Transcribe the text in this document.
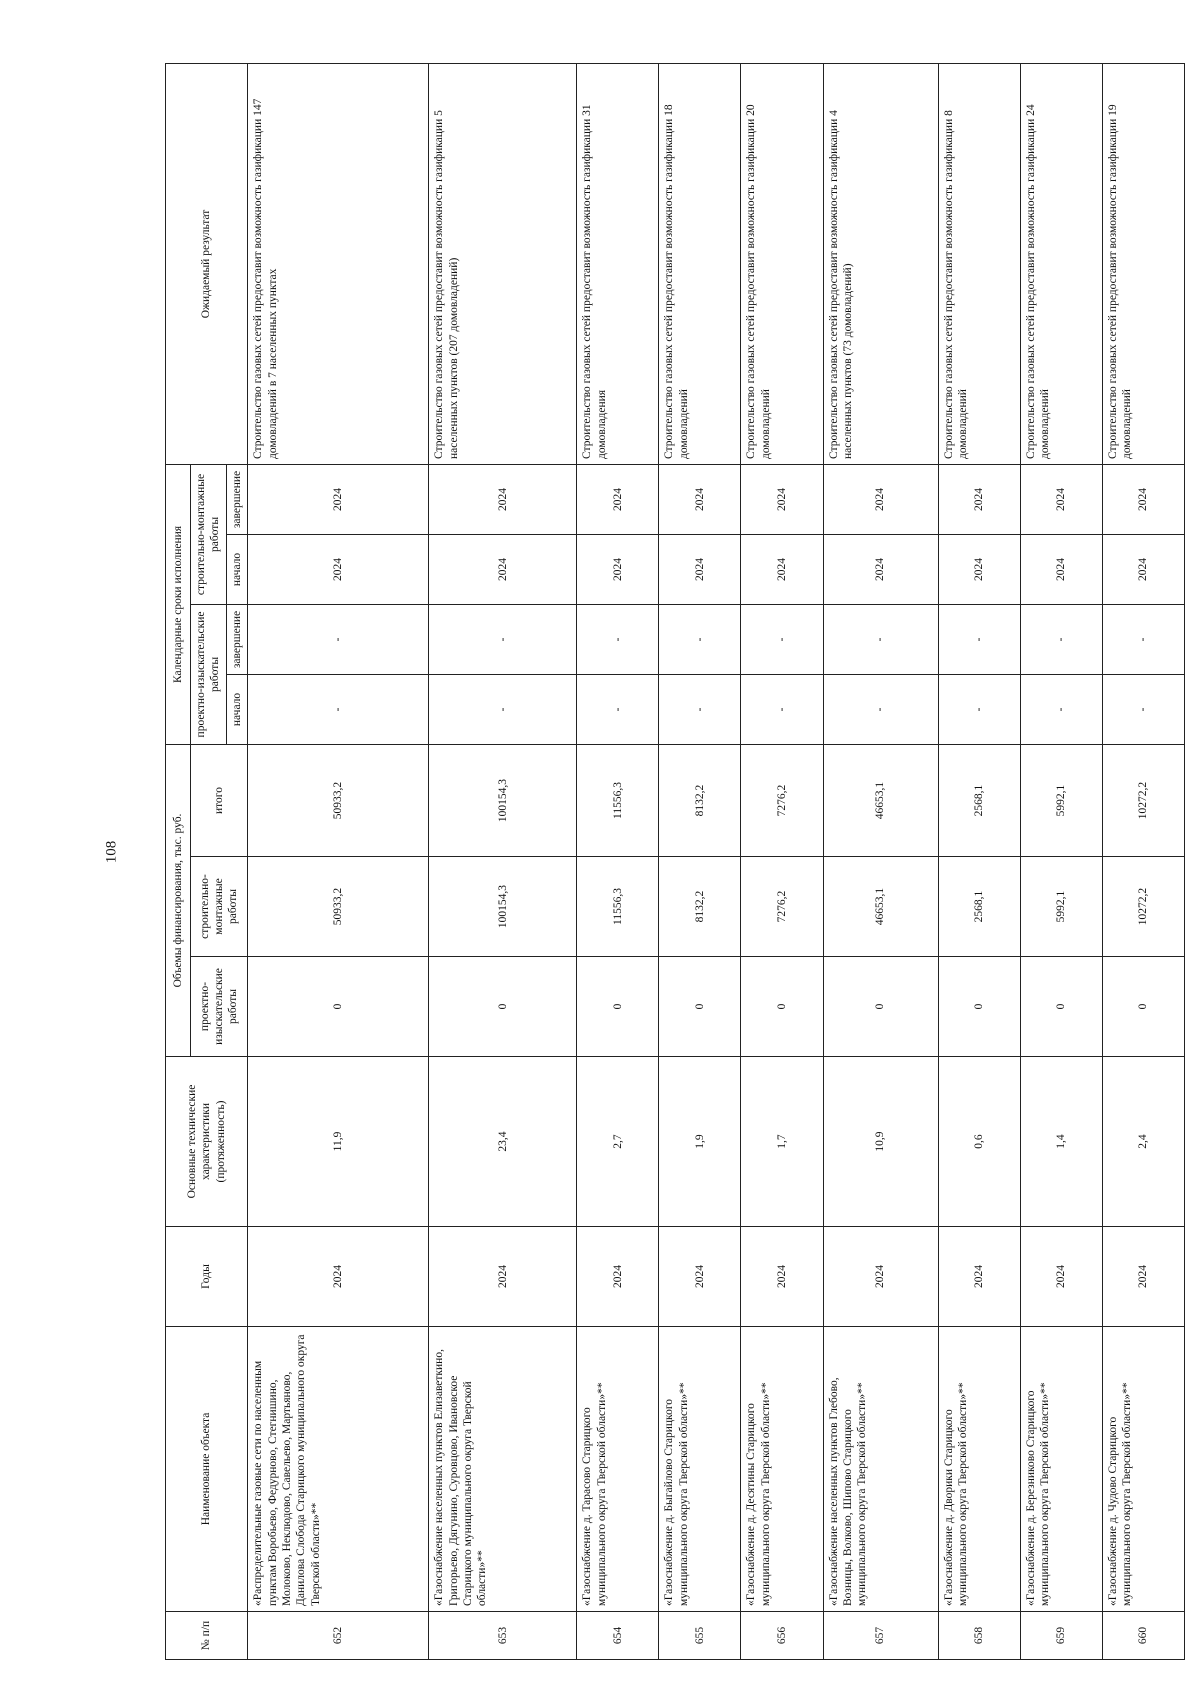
108
№ п/п	Наименование объекта	Годы	Основные технические характеристики (протяженность)	Объемы финансирования, тыс. руб.			Календарные сроки исполнения				Ожидаемый результат
				проектно-изыскательские работы	строительно-монтажные работы	итого	проектно-изыскательские работы		строительно-монтажные работы		
							начало	завершение	начало	завершение	
652	«Распределительные газовые сети по населенным пунктам Воробьево, Федурново, Стегнишино, Молоково, Неклюдово, Савельево, Мартьяново, Даниловa Слобода Старицкого муниципального округа Тверской области»**	2024	11,9	0	50933,2	50933,2	-	-	2024	2024	Строительство газовых сетей предоставит возможность газификации 147 домовладений в 7 населенных пунктах
653	«Газоснабжение населенных пунктов Елизаветкино, Григорьево, Дягунино, Суровцово, Ивановское Старицкого муниципального округа Тверской области»**	2024	23,4	0	100154,3	100154,3	-	-	2024	2024	Строительство газовых сетей предоставит возможность газификации 5 населенных пунктов (207 домовладений)
654	«Газоснабжение д. Тарасово Старицкого муниципального округа Тверской области»**	2024	2,7	0	11556,3	11556,3	-	-	2024	2024	Строительство газовых сетей предоставит возможность газификации 31 домовладения
655	«Газоснабжение д. Быгайлово Старицкого муниципального округа Тверской области»**	2024	1,9	0	8132,2	8132,2	-	-	2024	2024	Строительство газовых сетей предоставит возможность газификации 18 домовладений
656	«Газоснабжение д. Десятины Старицкого муниципального округа Тверской области»**	2024	1,7	0	7276,2	7276,2	-	-	2024	2024	Строительство газовых сетей предоставит возможность газификации 20 домовладений
657	«Газоснабжение населенных пунктов Глебово, Возницы, Волково, Шипово Старицкого муниципального округа Тверской области»**	2024	10,9	0	46653,1	46653,1	-	-	2024	2024	Строительство газовых сетей предоставит возможность газификации 4 населенных пунктов (73 домовладений)
658	«Газоснабжение д. Дворики Старицкого муниципального округа Тверской области»**	2024	0,6	0	2568,1	2568,1	-	-	2024	2024	Строительство газовых сетей предоставит возможность газификации 8 домовладений
659	«Газоснабжение д. Березниково Старицкого муниципального округа Тверской области»**	2024	1,4	0	5992,1	5992,1	-	-	2024	2024	Строительство газовых сетей предоставит возможность газификации 24 домовладений
660	«Газоснабжение д. Чудово Старицкого муниципального округа Тверской области»**	2024	2,4	0	10272,2	10272,2	-	-	2024	2024	Строительство газовых сетей предоставит возможность газификации 19 домовладений
